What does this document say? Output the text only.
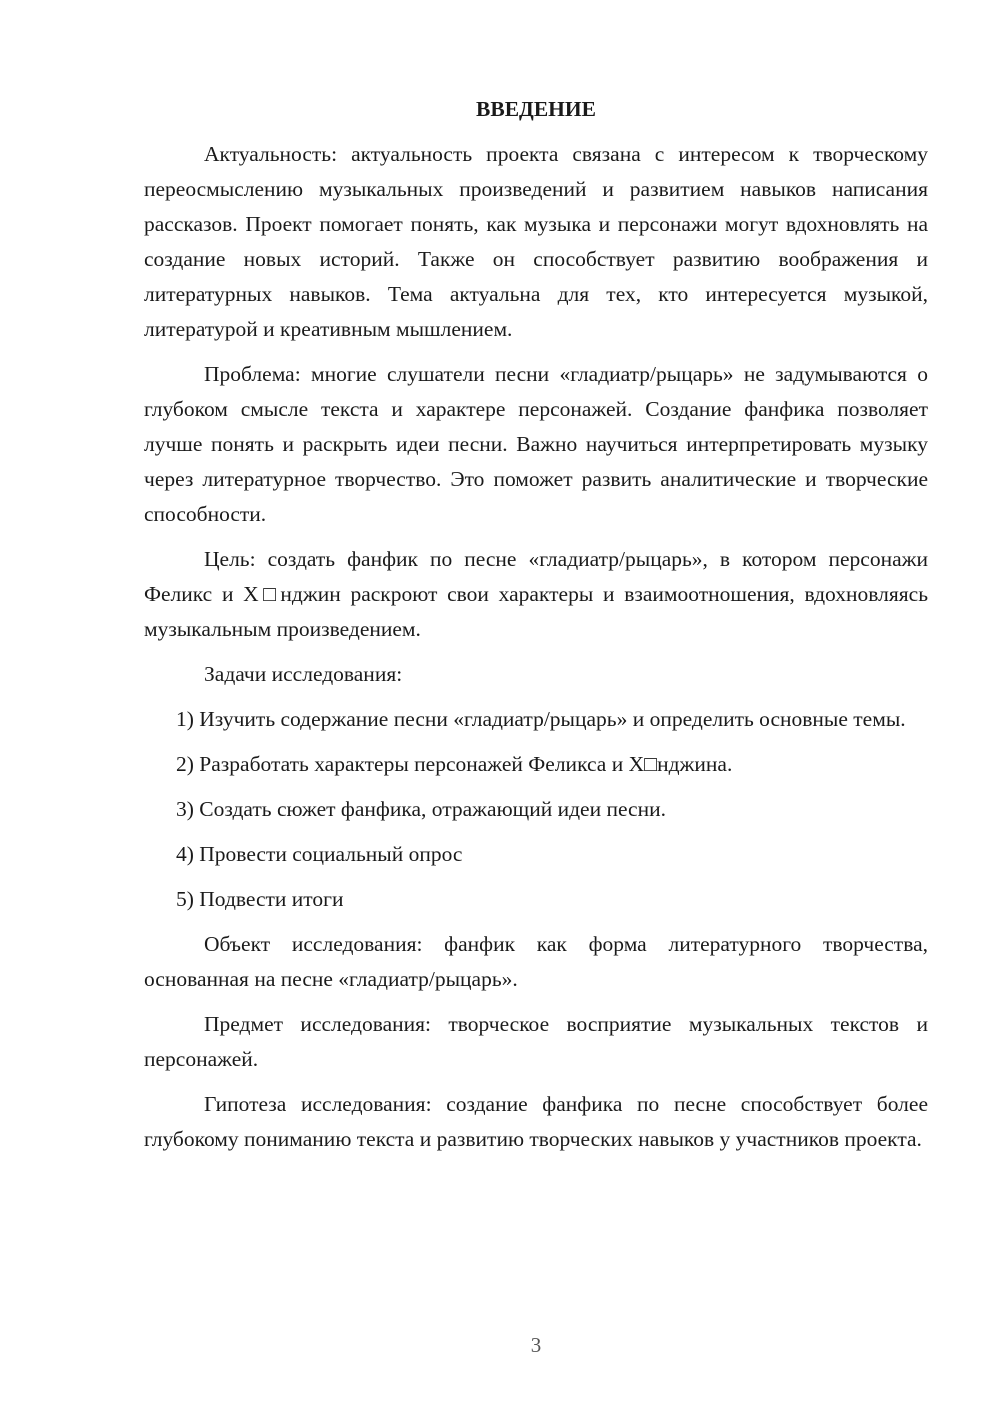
ВВЕДЕНИЕ

Актуальность: актуальность проекта связана с интересом к творческому переосмыслению музыкальных произведений и развитием навыков написания рассказов. Проект помогает понять, как музыка и персонажи могут вдохновлять на создание новых историй. Также он способствует развитию воображения и литературных навыков. Тема актуальна для тех, кто интересуется музыкой, литературой и креативным мышлением.

Проблема: многие слушатели песни «гладиатр/рыцарь» не задумываются о глубоком смысле текста и характере персонажей. Создание фанфика позволяет лучше понять и раскрыть идеи песни. Важно научиться интерпретировать музыку через литературное творчество. Это поможет развить аналитические и творческие способности.

Цель: создать фанфик по песне «гладиатр/рыцарь», в котором персонажи Феликс и Х□нджин раскроют свои характеры и взаимоотношения, вдохновляясь музыкальным произведением.

Задачи исследования:

1) Изучить содержание песни «гладиатр/рыцарь» и определить основные темы.

2) Разработать характеры персонажей Феликса и Х□нджина.

3) Создать сюжет фанфика, отражающий идеи песни.

4) Провести социальный опрос

5) Подвести итоги

Объект исследования: фанфик как форма литературного творчества, основанная на песне «гладиатр/рыцарь».

Предмет исследования: творческое восприятие музыкальных текстов и персонажей.

Гипотеза исследования: создание фанфика по песне способствует более глубокому пониманию текста и развитию творческих навыков у участников проекта.

3
